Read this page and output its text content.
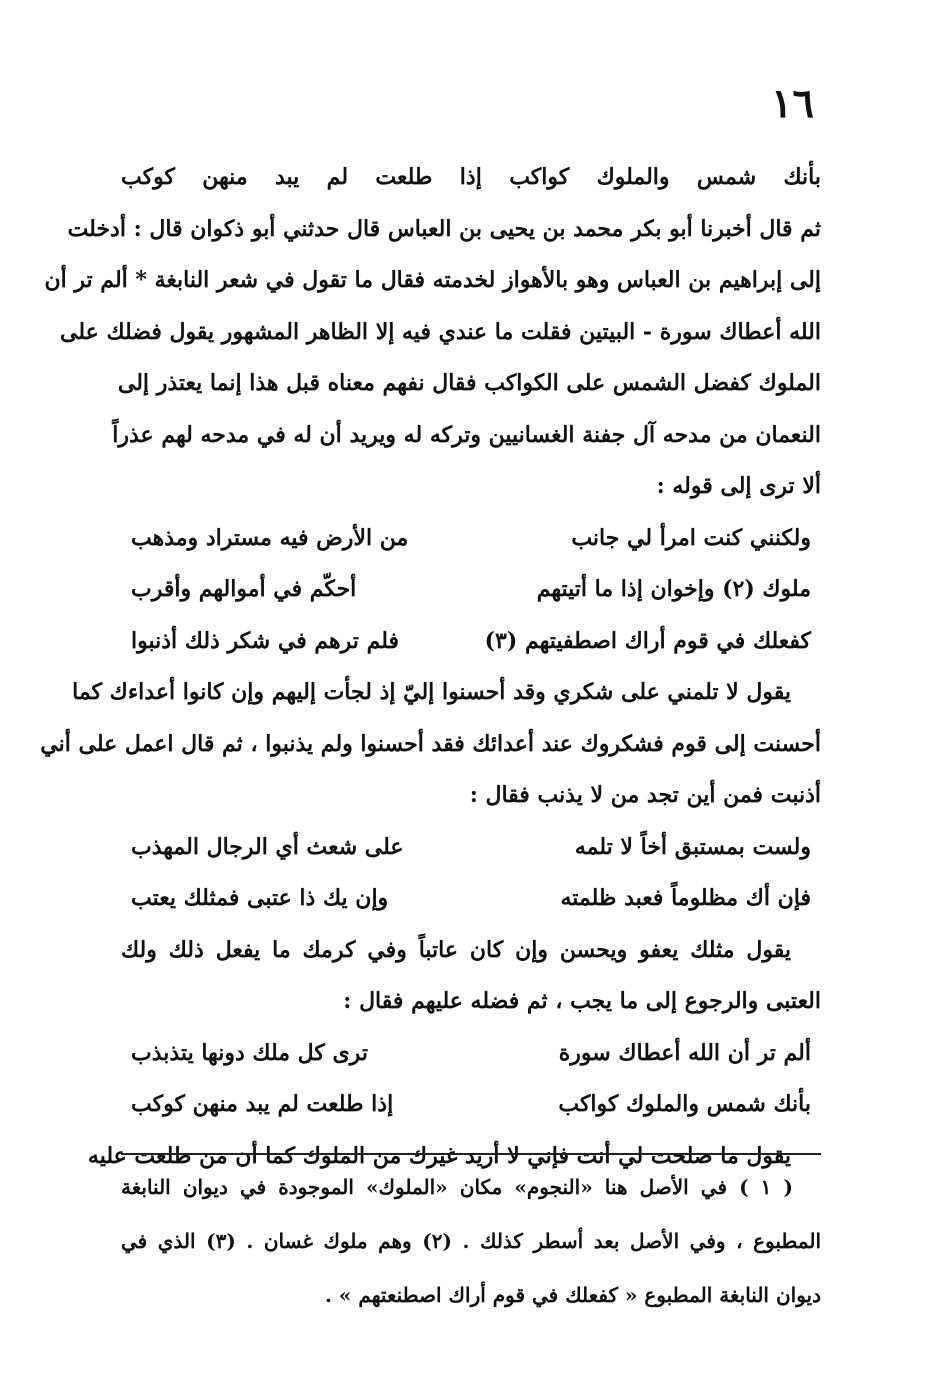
١٦
بأنك شمس والملوك كواكب إذا طلعت لم يبد منهن كوكب
ثم قال أخبرنا أبو بكر محمد بن يحيى بن العباس قال حدثني أبو ذكوان قال : أدخلت
إلى إبراهيم بن العباس وهو بالأهواز لخدمته فقال ما تقول في شعر النابغة * ألم تر أن
الله أعطاك سورة - البيتين فقلت ما عندي فيه إلا الظاهر المشهور يقول فضلك على
الملوك كفضل الشمس على الكواكب فقال نفهم معناه قبل هذا إنما يعتذر إلى
النعمان من مدحه آل جفنة الغسانيين وتركه له ويريد أن له في مدحه لهم عذراً
ألا ترى إلى قوله :
ولكنني كنت امرأ لي جانب
من الأرض فيه مستراد ومذهب
ملوك (٢) وإخوان إذا ما أتيتهم
أحكّم في أموالهم وأقرب
كفعلك في قوم أراك اصطفيتهم (٣)
فلم ترهم في شكر ذلك أذنبوا
يقول لا تلمني على شكري وقد أحسنوا إليّ إذ لجأت إليهم وإن كانوا أعداءك كما
أحسنت إلى قوم فشكروك عند أعدائك فقد أحسنوا ولم يذنبوا ، ثم قال اعمل على أني
أذنبت فمن أين تجد من لا يذنب فقال :
ولست بمستبق أخاً لا تلمه
على شعث أي الرجال المهذب
فإن أك مظلوماً فعبد ظلمته
وإن يك ذا عتبى فمثلك يعتب
يقول مثلك يعفو ويحسن وإن كان عاتباً وفي كرمك ما يفعل ذلك ولك
العتبى والرجوع إلى ما يجب ، ثم فضله عليهم فقال :
ألم تر أن الله أعطاك سورة
ترى كل ملك دونها يتذبذب
بأنك شمس والملوك كواكب
إذا طلعت لم يبد منهن كوكب
يقول ما صلحت لي أنت فإني لا أريد غيرك من الملوك كما أن من طلعت عليه
( ١ ) في الأصل هنا «النجوم» مكان «الملوك» الموجودة في ديوان النابغة
المطبوع ، وفي الأصل بعد أسطر كذلك . (٢) وهم ملوك غسان . (٣) الذي في
ديوان النابغة المطبوع « كفعلك في قوم أراك اصطنعتهم » .
